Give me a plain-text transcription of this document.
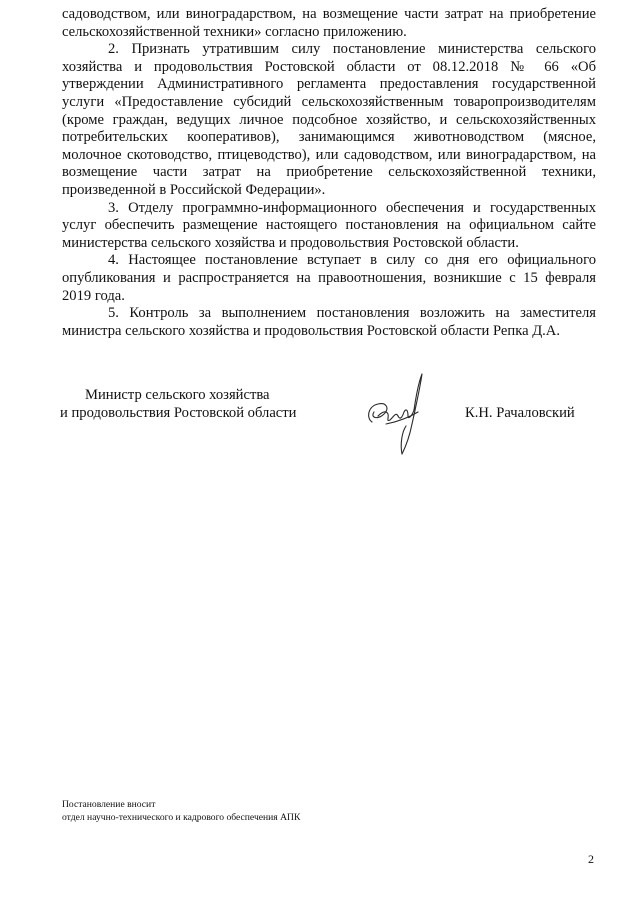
садоводством, или виноградарством, на возмещение части затрат на приобретение сельскохозяйственной техники» согласно приложению.

2. Признать утратившим силу постановление министерства сельского хозяйства и продовольствия Ростовской области от 08.12.2018 № 66 «Об утверждении Административного регламента предоставления государственной услуги «Предоставление субсидий сельскохозяйственным товаропроизводителям (кроме граждан, ведущих личное подсобное хозяйство, и сельскохозяйственных потребительских кооперативов), занимающимся животноводством (мясное, молочное скотоводство, птицеводство), или садоводством, или виноградарством, на возмещение части затрат на приобретение сельскохозяйственной техники, произведенной в Российской Федерации».

3. Отделу программно-информационного обеспечения и государственных услуг обеспечить размещение настоящего постановления на официальном сайте министерства сельского хозяйства и продовольствия Ростовской области.

4. Настоящее постановление вступает в силу со дня его официального опубликования и распространяется на правоотношения, возникшие с 15 февраля 2019 года.

5. Контроль за выполнением постановления возложить на заместителя министра сельского хозяйства и продовольствия Ростовской области Репка Д.А.

Министр сельского хозяйства
и продовольствия Ростовской области	К.Н. Рачаловский
Постановление вносит
отдел научно-технического и кадрового обеспечения АПК
2
